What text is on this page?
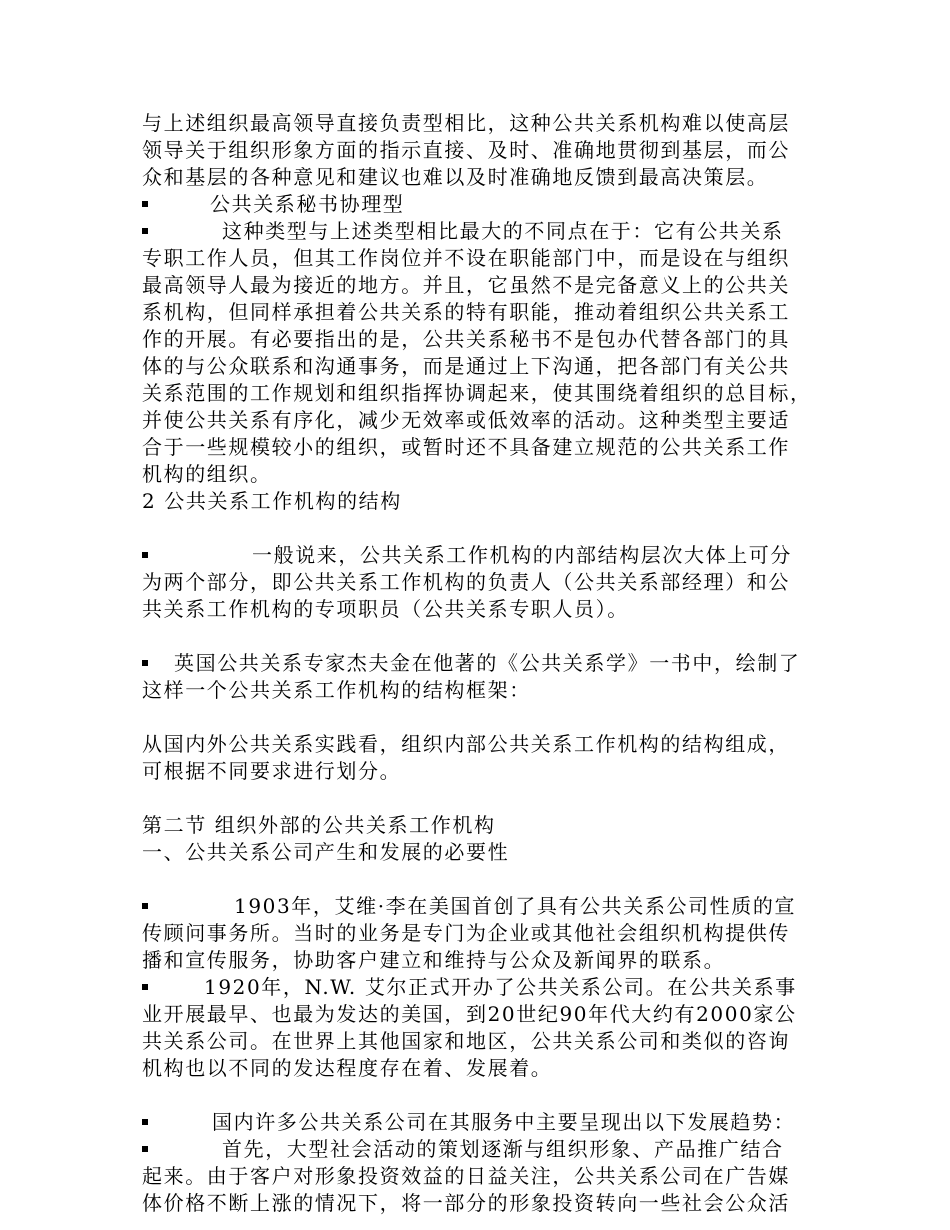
与上述组织最高领导直接负责型相比，这种公共关系机构难以使高层
领导关于组织形象方面的指示直接、及时、准确地贯彻到基层，而公
众和基层的各种意见和建议也难以及时准确地反馈到最高决策层。
公共关系秘书协理型
这种类型与上述类型相比最大的不同点在于：它有公共关系
专职工作人员，但其工作岗位并不设在职能部门中，而是设在与组织
最高领导人最为接近的地方。并且，它虽然不是完备意义上的公共关
系机构，但同样承担着公共关系的特有职能，推动着组织公共关系工
作的开展。有必要指出的是，公共关系秘书不是包办代替各部门的具
体的与公众联系和沟通事务，而是通过上下沟通，把各部门有关公共
关系范围的工作规划和组织指挥协调起来，使其围绕着组织的总目标，
并使公共关系有序化，减少无效率或低效率的活动。这种类型主要适
合于一些规模较小的组织，或暂时还不具备建立规范的公共关系工作
机构的组织。
2 公共关系工作机构的结构
一般说来，公共关系工作机构的内部结构层次大体上可分
为两个部分，即公共关系工作机构的负责人（公共关系部经理）和公
共关系工作机构的专项职员（公共关系专职人员）。
英国公共关系专家杰夫金在他著的《公共关系学》一书中，绘制了
这样一个公共关系工作机构的结构框架：
从国内外公共关系实践看，组织内部公共关系工作机构的结构组成，
可根据不同要求进行划分。
第二节 组织外部的公共关系工作机构
一、公共关系公司产生和发展的必要性
1903年，艾维·李在美国首创了具有公共关系公司性质的宣
传顾问事务所。当时的业务是专门为企业或其他社会组织机构提供传
播和宣传服务，协助客户建立和维持与公众及新闻界的联系。
1920年，N.W. 艾尔正式开办了公共关系公司。在公共关系事
业开展最早、也最为发达的美国，到20世纪90年代大约有2000家公
共关系公司。在世界上其他国家和地区，公共关系公司和类似的咨询
机构也以不同的发达程度存在着、发展着。
国内许多公共关系公司在其服务中主要呈现出以下发展趋势：
首先，大型社会活动的策划逐渐与组织形象、产品推广结合
起来。由于客户对形象投资效益的日益关注，公共关系公司在广告媒
体价格不断上涨的情况下，将一部分的形象投资转向一些社会公众活
